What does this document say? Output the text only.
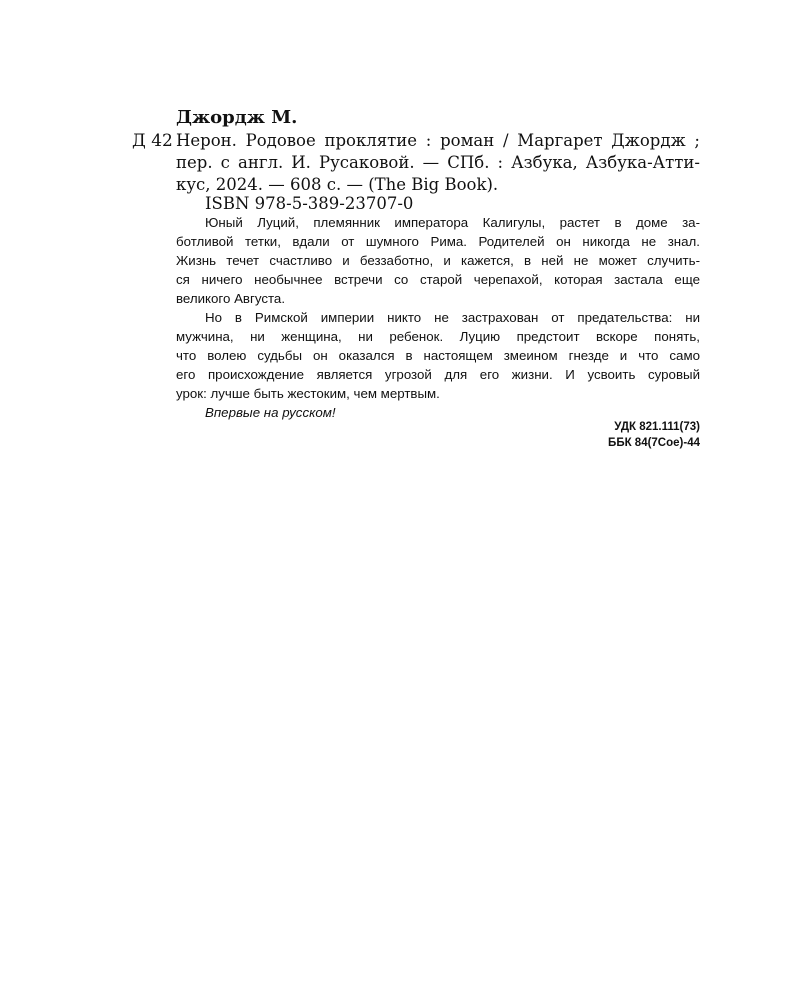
Джордж М.
Д 42 Нерон. Родовое проклятие : роман / Маргарет Джордж ;
пер. с англ. И. Русаковой. — СПб. : Азбука, Азбука-Атти-
кус, 2024. — 608 с. — (The Big Book).
ISBN 978-5-389-23707-0
Юный Луций, племянник императора Калигулы, растет в доме за-
ботливой тетки, вдали от шумного Рима. Родителей он никогда не знал.
Жизнь течет счастливо и беззаботно, и кажется, в ней не может случить-
ся ничего необычнее встречи со старой черепахой, которая застала еще
великого Августа.
Но в Римской империи никто не застрахован от предательства: ни
мужчина, ни женщина, ни ребенок. Луцию предстоит вскоре понять,
что волею судьбы он оказался в настоящем змеином гнезде и что само
его происхождение является угрозой для его жизни. И усвоить суровый
урок: лучше быть жестоким, чем мертвым.
Впервые на русском!
УДК 821.111(73)
ББК 84(7Сое)-44
